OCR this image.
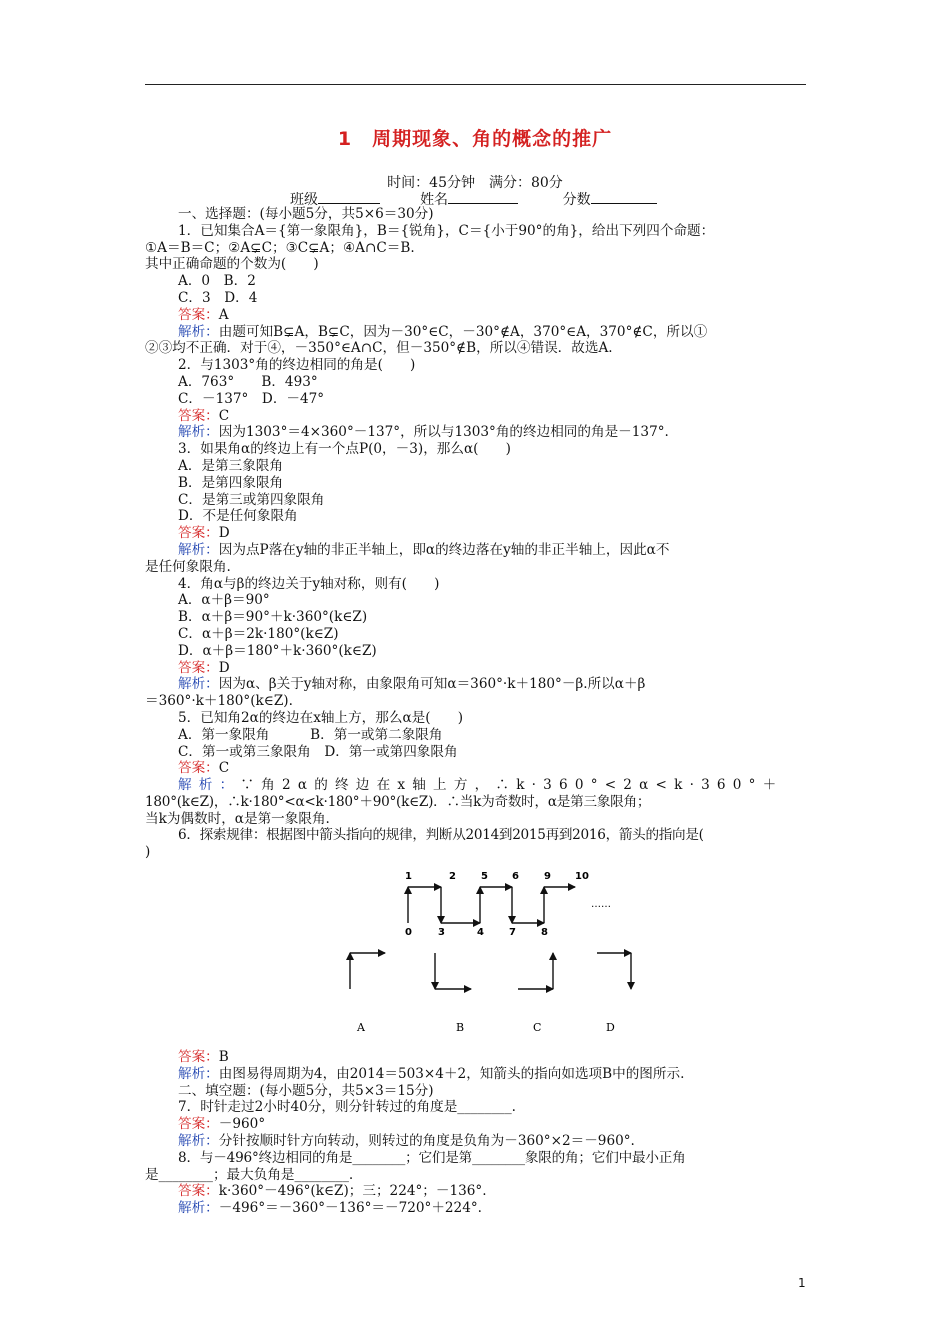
1　周期现象、角的概念的推广
时间：45分钟　满分：80分
班级	姓名	分数
一、选择题：(每小题5分，共5×6＝30分)
1．已知集合A＝{第一象限角}，B＝{锐角}，C＝{小于90°的角}，给出下列四个命题：
①A＝B＝C；②A⊊C；③C⊊A；④A∩C＝B.
其中正确命题的个数为(　　)
A．0　B．2
C．3　D．4
答案：A
解析：由题可知B⊊A，B⊊C，因为－30°∈C，－30°∉A，370°∈A，370°∉C，所以①
②③均不正确．对于④，－350°∈A∩C，但－350°∉B，所以④错误．故选A.
2．与1303°角的终边相同的角是(　　)
A．763°　　B．493°
C．－137°　D．－47°
答案：C
解析：因为1303°＝4×360°－137°，所以与1303°角的终边相同的角是－137°.
3．如果角α的终边上有一个点P(0，－3)，那么α(　　)
A．是第三象限角
B．是第四象限角
C．是第三或第四象限角
D．不是任何象限角
答案：D
解析：因为点P落在y轴的非正半轴上，即α的终边落在y轴的非正半轴上，因此α不
是任何象限角.
4．角α与β的终边关于y轴对称，则有(　　)
A．α＋β＝90°
B．α＋β＝90°＋k·360°(k∈Z)
C．α＋β＝2k·180°(k∈Z)
D．α＋β＝180°＋k·360°(k∈Z)
答案：D
解析：因为α、β关于y轴对称，由象限角可知α＝360°·k＋180°－β.所以α＋β
＝360°·k＋180°(k∈Z).
5．已知角2α的终边在x轴上方，那么α是(　　)
A．第一象限角　　　B．第一或第二象限角
C．第一或第三象限角　D．第一或第四象限角
答案：C
解析：∵角2α的终边在x轴上方，∴k·360°<2α<k·360°＋
180°(k∈Z)，∴k·180°<α<k·180°＋90°(k∈Z)．∴当k为奇数时，α是第三象限角；
当k为偶数时，α是第一象限角.
6．探索规律：根据图中箭头指向的规律，判断从2014到2015再到2016，箭头的指向是(
)
1	2	5 6	9 10
0	3	4	7	8
……
A	B	C	D
答案：B
解析：由图易得周期为4，由2014＝503×4＋2，知箭头的指向如选项B中的图所示.
二、填空题：(每小题5分，共5×3＝15分)
7．时针走过2小时40分，则分针转过的角度是________.
答案：－960°
解析：分针按顺时针方向转动，则转过的角度是负角为－360°×2＝－960°.
8．与－496°终边相同的角是________；它们是第________象限的角；它们中最小正角
是________；最大负角是________.
答案：k·360°－496°(k∈Z)；三；224°；－136°.
解析：－496°＝－360°－136°＝－720°＋224°.
1
